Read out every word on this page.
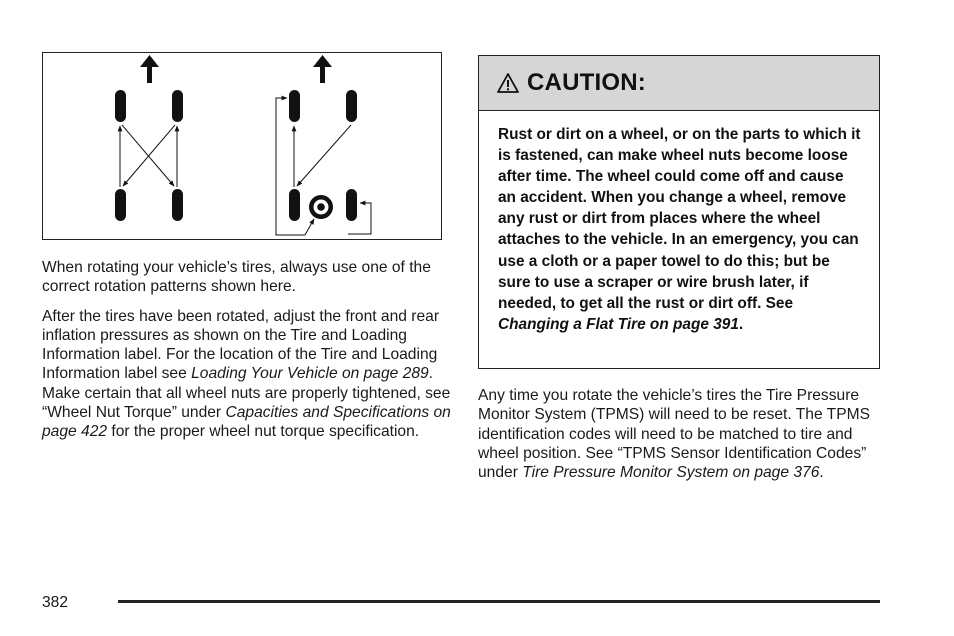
When rotating your vehicle’s tires, always use one of the correct rotation patterns shown here.

After the tires have been rotated, adjust the front and rear inflation pressures as shown on the Tire and Loading Information label. For the location of the Tire and Loading Information label see Loading Your Vehicle on page 289. Make certain that all wheel nuts are properly tightened, see “Wheel Nut Torque” under Capacities and Specifications on page 422 for the proper wheel nut torque specification.

CAUTION:
Rust or dirt on a wheel, or on the parts to which it is fastened, can make wheel nuts become loose after time. The wheel could come off and cause an accident. When you change a wheel, remove any rust or dirt from places where the wheel attaches to the vehicle. In an emergency, you can use a cloth or a paper towel to do this; but be sure to use a scraper or wire brush later, if needed, to get all the rust or dirt off. See Changing a Flat Tire on page 391.

Any time you rotate the vehicle’s tires the Tire Pressure Monitor System (TPMS) will need to be reset. The TPMS identification codes will need to be matched to tire and wheel position. See “TPMS Sensor Identification Codes” under Tire Pressure Monitor System on page 376.

382
